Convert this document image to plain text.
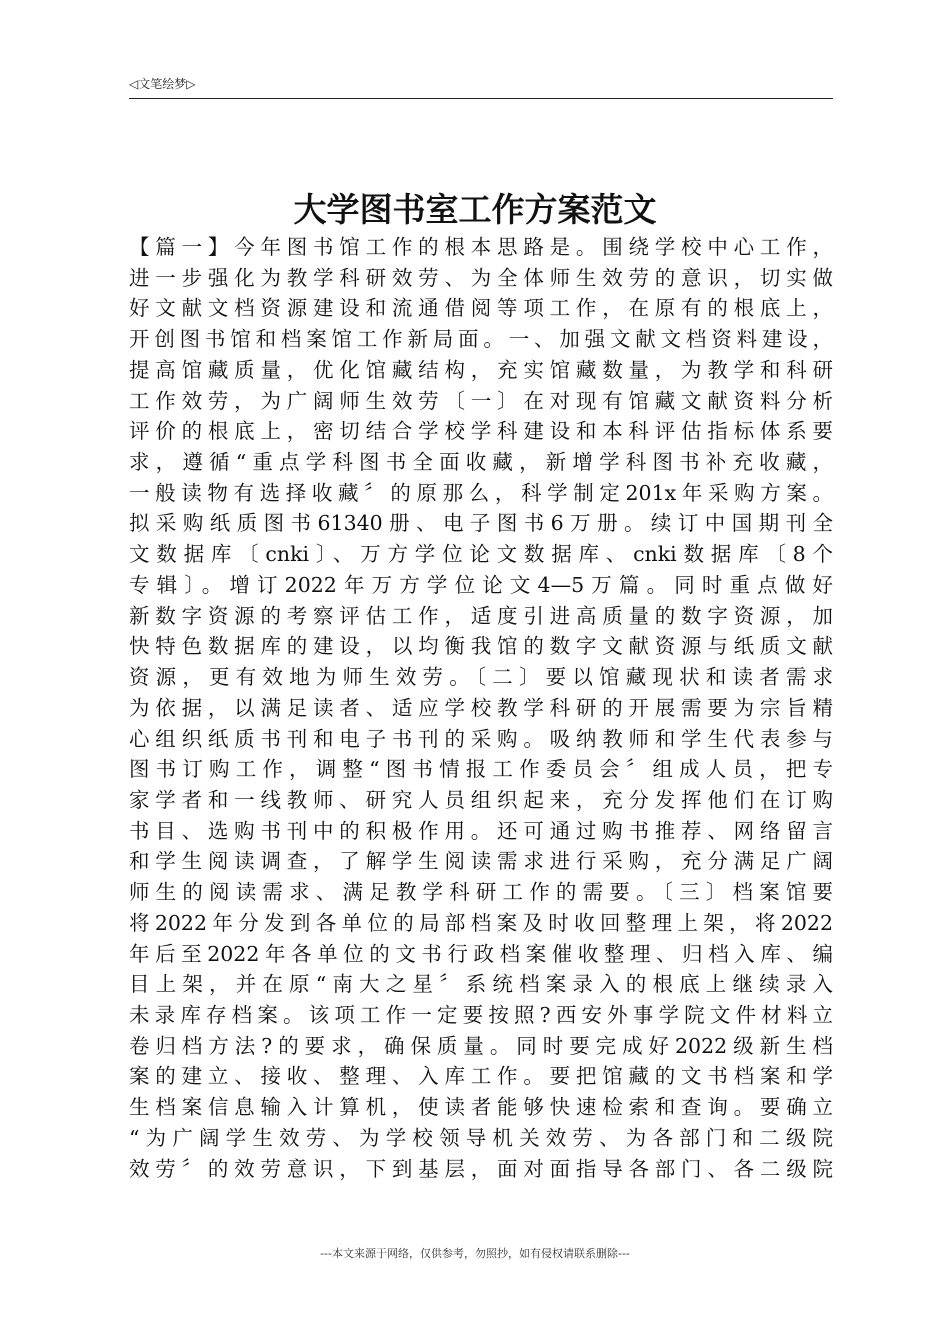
◁文笔绘梦▷
大学图书室工作方案范文
【篇一】今年图书馆工作的根本思路是。围绕学校中心工作，
进一步强化为教学科研效劳、为全体师生效劳的意识，切实做
好文献文档资源建设和流通借阅等项工作，在原有的根底上，
开创图书馆和档案馆工作新局面。一、加强文献文档资料建设，
提高馆藏质量，优化馆藏结构，充实馆藏数量，为教学和科研
工作效劳，为广阔师生效劳〔一〕在对现有馆藏文献资料分析
评价的根底上，密切结合学校学科建设和本科评估指标体系要
求，遵循“重点学科图书全面收藏，新增学科图书补充收藏，
一般读物有选择收藏〞的原那么，科学制定201x年采购方案。
拟采购纸质图书61340册、电子图书6万册。续订中国期刊全
文数据库〔cnki〕、万方学位论文数据库、cnki数据库〔8个
专辑〕。增订2022年万方学位论文4—5万篇。同时重点做好
新数字资源的考察评估工作，适度引进高质量的数字资源，加
快特色数据库的建设，以均衡我馆的数字文献资源与纸质文献
资源，更有效地为师生效劳。〔二〕要以馆藏现状和读者需求
为依据，以满足读者、适应学校教学科研的开展需要为宗旨精
心组织纸质书刊和电子书刊的采购。吸纳教师和学生代表参与
图书订购工作，调整“图书情报工作委员会〞组成人员，把专
家学者和一线教师、研究人员组织起来，充分发挥他们在订购
书目、选购书刊中的积极作用。还可通过购书推荐、网络留言
和学生阅读调查，了解学生阅读需求进行采购，充分满足广阔
师生的阅读需求、满足教学科研工作的需要。〔三〕档案馆要
将2022年分发到各单位的局部档案及时收回整理上架，将2022
年后至2022年各单位的文书行政档案催收整理、归档入库、编
目上架，并在原“南大之星〞系统档案录入的根底上继续录入
未录库存档案。该项工作一定要按照?西安外事学院文件材料立
卷归档方法?的要求，确保质量。同时要完成好2022级新生档
案的建立、接收、整理、入库工作。要把馆藏的文书档案和学
生档案信息输入计算机，使读者能够快速检索和查询。要确立
“为广阔学生效劳、为学校领导机关效劳、为各部门和二级院
效劳〞的效劳意识，下到基层，面对面指导各部门、各二级院
---本文来源于网络，仅供参考，勿照抄，如有侵权请联系删除---
